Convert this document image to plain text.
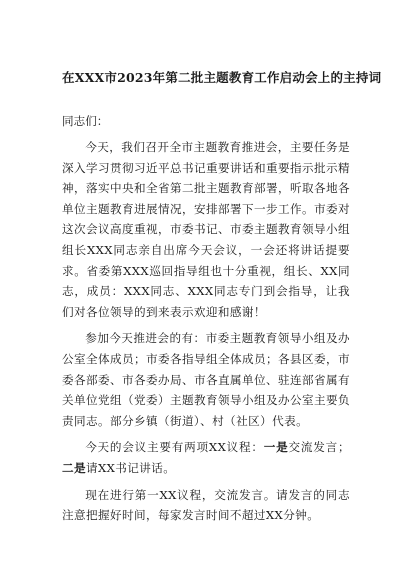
在XXX市2023年第二批主题教育工作启动会上的主持词

同志们：

今天，我们召开全市主题教育推进会，主要任务是深入学习贯彻习近平总书记重要讲话和重要指示批示精神，落实中央和全省第二批主题教育部署，听取各地各单位主题教育进展情况，安排部署下一步工作。市委对这次会议高度重视，市委书记、市委主题教育领导小组组长XXX同志亲自出席今天会议，一会还将讲话提要求。省委第XXX巡回指导组也十分重视，组长、XX同志，成员：XXX同志、XXX同志专门到会指导，让我们对各位领导的到来表示欢迎和感谢！

参加今天推进会的有：市委主题教育领导小组及办公室全体成员；市委各指导组全体成员；各县区委，市委各部委、市各委办局、市各直属单位、驻连部省属有关单位党组（党委）主题教育领导小组及办公室主要负责同志。部分乡镇（街道）、村（社区）代表。

今天的会议主要有两项XX议程：一是交流发言；二是请XX书记讲话。

现在进行第一XX议程，交流发言。请发言的同志注意把握好时间，每家发言时间不超过XX分钟。
